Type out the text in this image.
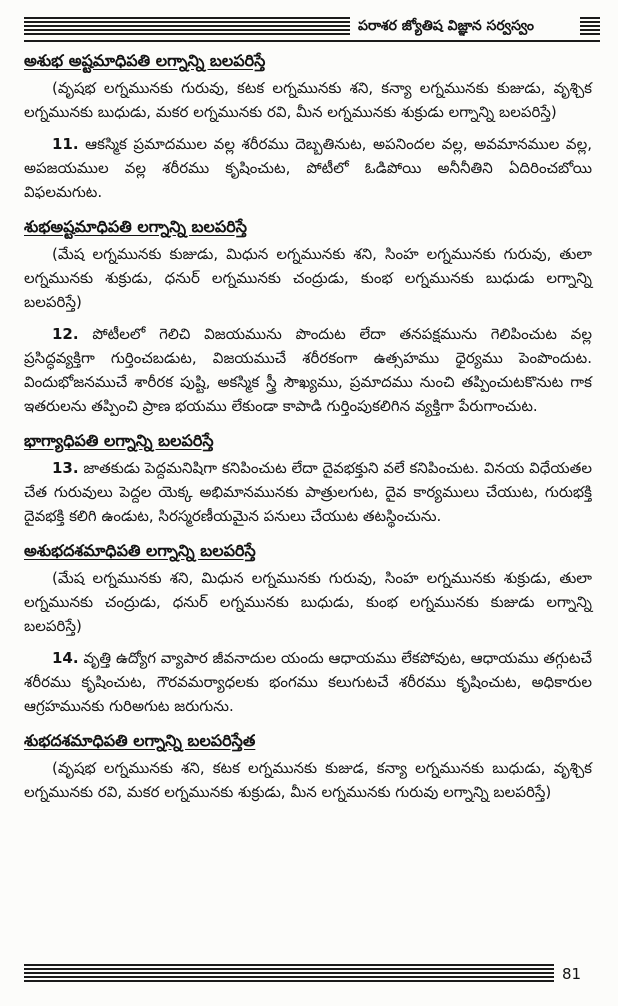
పరాశర జ్యోతిష విజ్ఞాన సర్వస్వం
అశుభ అష్టమాధిపతి లగ్నాన్ని బలపరిస్తే

(వృషభ లగ్నమునకు గురువు, కటక లగ్నమునకు శని, కన్యా లగ్నమునకు కుజుడు, వృశ్చిక లగ్నమునకు బుధుడు, మకర లగ్నమునకు రవి, మీన లగ్నమునకు శుక్రుడు లగ్నాన్ని బలపరిస్తే)

11. ఆకస్మిక ప్రమాదముల వల్ల శరీరము దెబ్బతినుట, అపనిందల వల్ల, అవమానముల వల్ల, అపజయముల వల్ల శరీరము కృషించుట, పోటీలో ఓడిపోయి అనీనీతిని ఏదిరించబోయి విఫలమగుట.

శుభఅష్టమాధిపతి లగ్నాన్ని బలపరిస్తే

(మేష లగ్నమునకు కుజుడు, మిధున లగ్నమునకు శని, సింహ లగ్నమునకు గురువు, తులా లగ్నమునకు శుక్రుడు, ధనుర్ లగ్నమునకు చంద్రుడు, కుంభ లగ్నమునకు బుధుడు లగ్నాన్ని బలపరిస్తే)

12. పోటీలలో గెలిచి విజయమును పొందుట లేదా తనపక్షమును గెలిపించుట వల్ల ప్రసిద్ధవ్యక్తిగా గుర్తించబడుట, విజయముచే శరీరకంగా ఉత్సహము ధైర్యము పెంపొందుట. విందుభోజనముచే శారీరక పుష్టి, అకస్మిక స్త్రీ సౌఖ్యము, ప్రమాదము నుంచి తప్పించుటకొనుట గాక ఇతరులను తప్పించి ప్రాణ భయము లేకుండా కాపాడి గుర్తింపుకలిగిన వ్యక్తిగా పేరుగాంచుట.

భాగ్యాధిపతి లగ్నాన్ని బలపరిస్తే

13. జాతకుడు పెద్దమనిషిగా కనిపించుట లేదా దైవభక్తుని వలే కనిపించుట. వినయ విధేయతల చేత గురువులు పెద్దల యెక్క అభిమానమునకు పాత్రులగుట, దైవ కార్యములు చేయుట, గురుభక్తి దైవభక్తి కలిగి ఉండుట, సిరస్మరణీయమైన పనులు చేయుట తటస్థించును.

అశుభదశమాధిపతి లగ్నాన్ని బలపరిస్తే

(మేష లగ్నమునకు శని, మిధున లగ్నమునకు గురువు, సింహ లగ్నమునకు శుక్రుడు, తులా లగ్నమునకు చంద్రుడు, ధనుర్ లగ్నమునకు బుధుడు, కుంభ లగ్నమునకు కుజుడు లగ్నాన్ని బలపరిస్తే)

14. వృత్తి ఉద్యోగ వ్యాపార జీవనాదుల యందు ఆధాయము లేకపోవుట, ఆధాయము తగ్గుటచే శరీరము కృషించుట, గౌరవమర్యాధలకు భంగము కలుగుటచే శరీరము కృషించుట, అధికారుల ఆగ్రహమునకు గురిఅగుట జరుగును.

శుభదశమాధిపతి లగ్నాన్ని బలపరిస్తేత

(వృషభ లగ్నమునకు శని, కటక లగ్నమునకు కుజుడ, కన్యా లగ్నమునకు బుధుడు, వృశ్చిక లగ్నమునకు రవి, మకర లగ్నమునకు శుక్రుడు, మీన లగ్నమునకు గురువు లగ్నాన్ని బలపరిస్తే)

81
